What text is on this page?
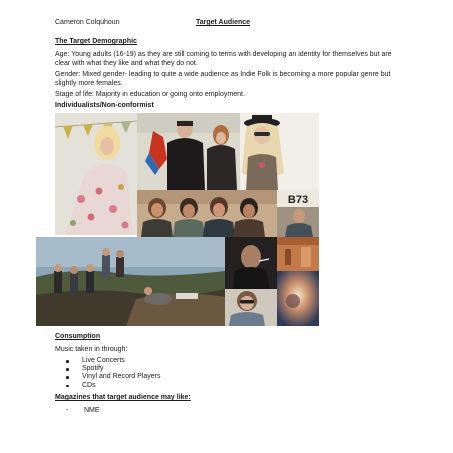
Cameron Colquhoun	Target Audience

The Target Demographic

Age: Young adults (16-19) as they are still coming to terms with developing an identity for themselves but are clear with what they like and what they do not.

Gender: Mixed gender- leading to quite a wide audience as Indie Folk is becoming a more popular genre but slightly more females.

Stage of life: Majority in education or going onto employment.

Individualists/Non-conformist

B73

Consumption

Music taken in through:

Live Concerts
Spotify
Vinyl and Record Players
CDs

Magazines that target audience may like:

- NME
